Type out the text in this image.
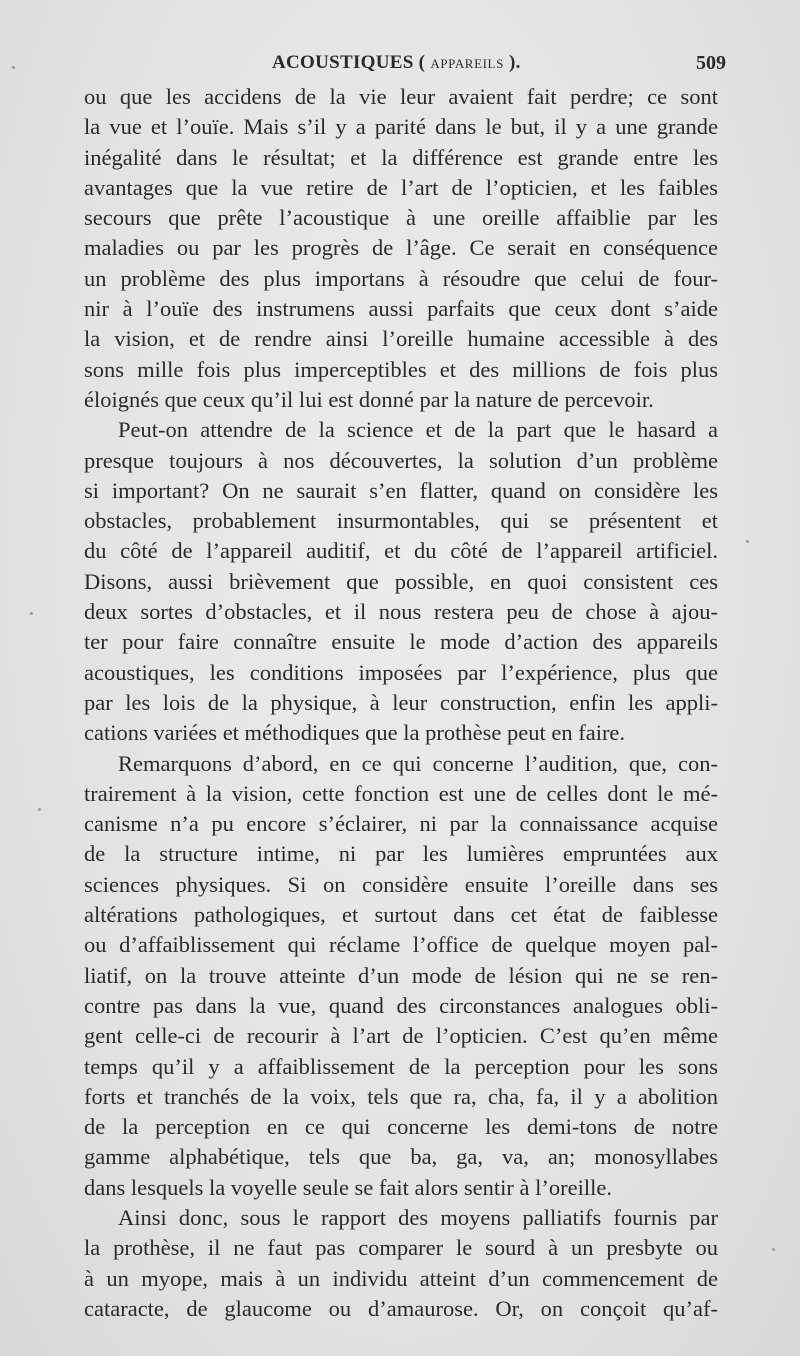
ACOUSTIQUES ( APPAREILS ).	509
ou que les accidens de la vie leur avaient fait perdre; ce sont
la vue et l’ouïe. Mais s’il y a parité dans le but, il y a une grande
inégalité dans le résultat; et la différence est grande entre les
avantages que la vue retire de l’art de l’opticien, et les faibles
secours que prête l’acoustique à une oreille affaiblie par les
maladies ou par les progrès de l’âge. Ce serait en conséquence
un problème des plus importans à résoudre que celui de four-
nir à l’ouïe des instrumens aussi parfaits que ceux dont s’aide
la vision, et de rendre ainsi l’oreille humaine accessible à des
sons mille fois plus imperceptibles et des millions de fois plus
éloignés que ceux qu’il lui est donné par la nature de percevoir.
Peut-on attendre de la science et de la part que le hasard a
presque toujours à nos découvertes, la solution d’un problème
si important? On ne saurait s’en flatter, quand on considère les
obstacles, probablement insurmontables, qui se présentent et
du côté de l’appareil auditif, et du côté de l’appareil artificiel.
Disons, aussi brièvement que possible, en quoi consistent ces
deux sortes d’obstacles, et il nous restera peu de chose à ajou-
ter pour faire connaître ensuite le mode d’action des appareils
acoustiques, les conditions imposées par l’expérience, plus que
par les lois de la physique, à leur construction, enfin les appli-
cations variées et méthodiques que la prothèse peut en faire.
Remarquons d’abord, en ce qui concerne l’audition, que, con-
trairement à la vision, cette fonction est une de celles dont le mé-
canisme n’a pu encore s’éclairer, ni par la connaissance acquise
de la structure intime, ni par les lumières empruntées aux
sciences physiques. Si on considère ensuite l’oreille dans ses
altérations pathologiques, et surtout dans cet état de faiblesse
ou d’affaiblissement qui réclame l’office de quelque moyen pal-
liatif, on la trouve atteinte d’un mode de lésion qui ne se ren-
contre pas dans la vue, quand des circonstances analogues obli-
gent celle-ci de recourir à l’art de l’opticien. C’est qu’en même
temps qu’il y a affaiblissement de la perception pour les sons
forts et tranchés de la voix, tels que ra, cha, fa, il y a abolition
de la perception en ce qui concerne les demi-tons de notre
gamme alphabétique, tels que ba, ga, va, an; monosyllabes
dans lesquels la voyelle seule se fait alors sentir à l’oreille.
Ainsi donc, sous le rapport des moyens palliatifs fournis par
la prothèse, il ne faut pas comparer le sourd à un presbyte ou
à un myope, mais à un individu atteint d’un commencement de
cataracte, de glaucome ou d’amaurose. Or, on conçoit qu’af-
